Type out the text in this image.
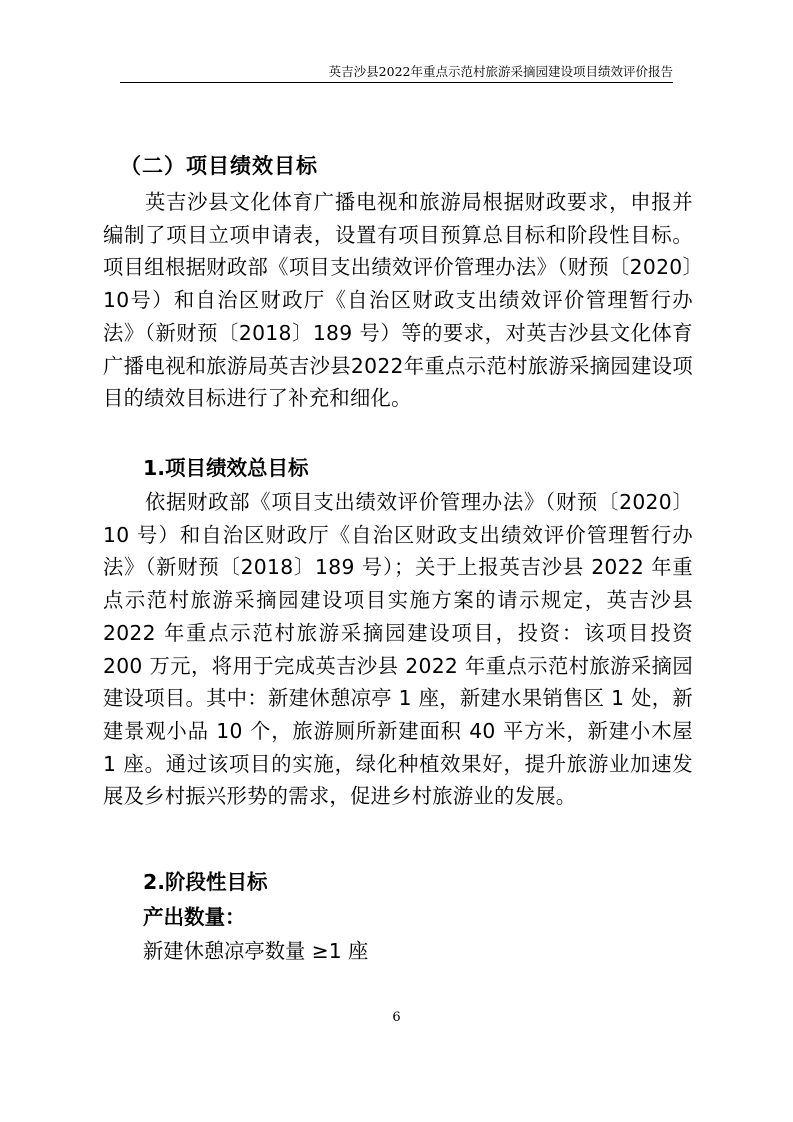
英吉沙县2022年重点示范村旅游采摘园建设项目绩效评价报告
（二）项目绩效目标
英吉沙县文化体育广播电视和旅游局根据财政要求，申报并编制了项目立项申请表，设置有项目预算总目标和阶段性目标。项目组根据财政部《项目支出绩效评价管理办法》（财预〔2020〕10号）和自治区财政厅《自治区财政支出绩效评价管理暂行办法》（新财预〔2018〕189 号）等的要求，对英吉沙县文化体育广播电视和旅游局英吉沙县2022年重点示范村旅游采摘园建设项目的绩效目标进行了补充和细化。
1.项目绩效总目标
依据财政部《项目支出绩效评价管理办法》（财预〔2020〕10 号）和自治区财政厅《自治区财政支出绩效评价管理暂行办法》（新财预〔2018〕189 号）；关于上报英吉沙县 2022 年重点示范村旅游采摘园建设项目实施方案的请示规定，英吉沙县 2022 年重点示范村旅游采摘园建设项目，投资：该项目投资 200 万元，将用于完成英吉沙县 2022 年重点示范村旅游采摘园建设项目。其中：新建休憩凉亭 1 座，新建水果销售区 1 处，新建景观小品 10 个，旅游厕所新建面积 40 平方米，新建小木屋 1 座。通过该项目的实施，绿化种植效果好，提升旅游业加速发展及乡村振兴形势的需求，促进乡村旅游业的发展。
2.阶段性目标
产出数量：
新建休憩凉亭数量 ≥1 座
6
